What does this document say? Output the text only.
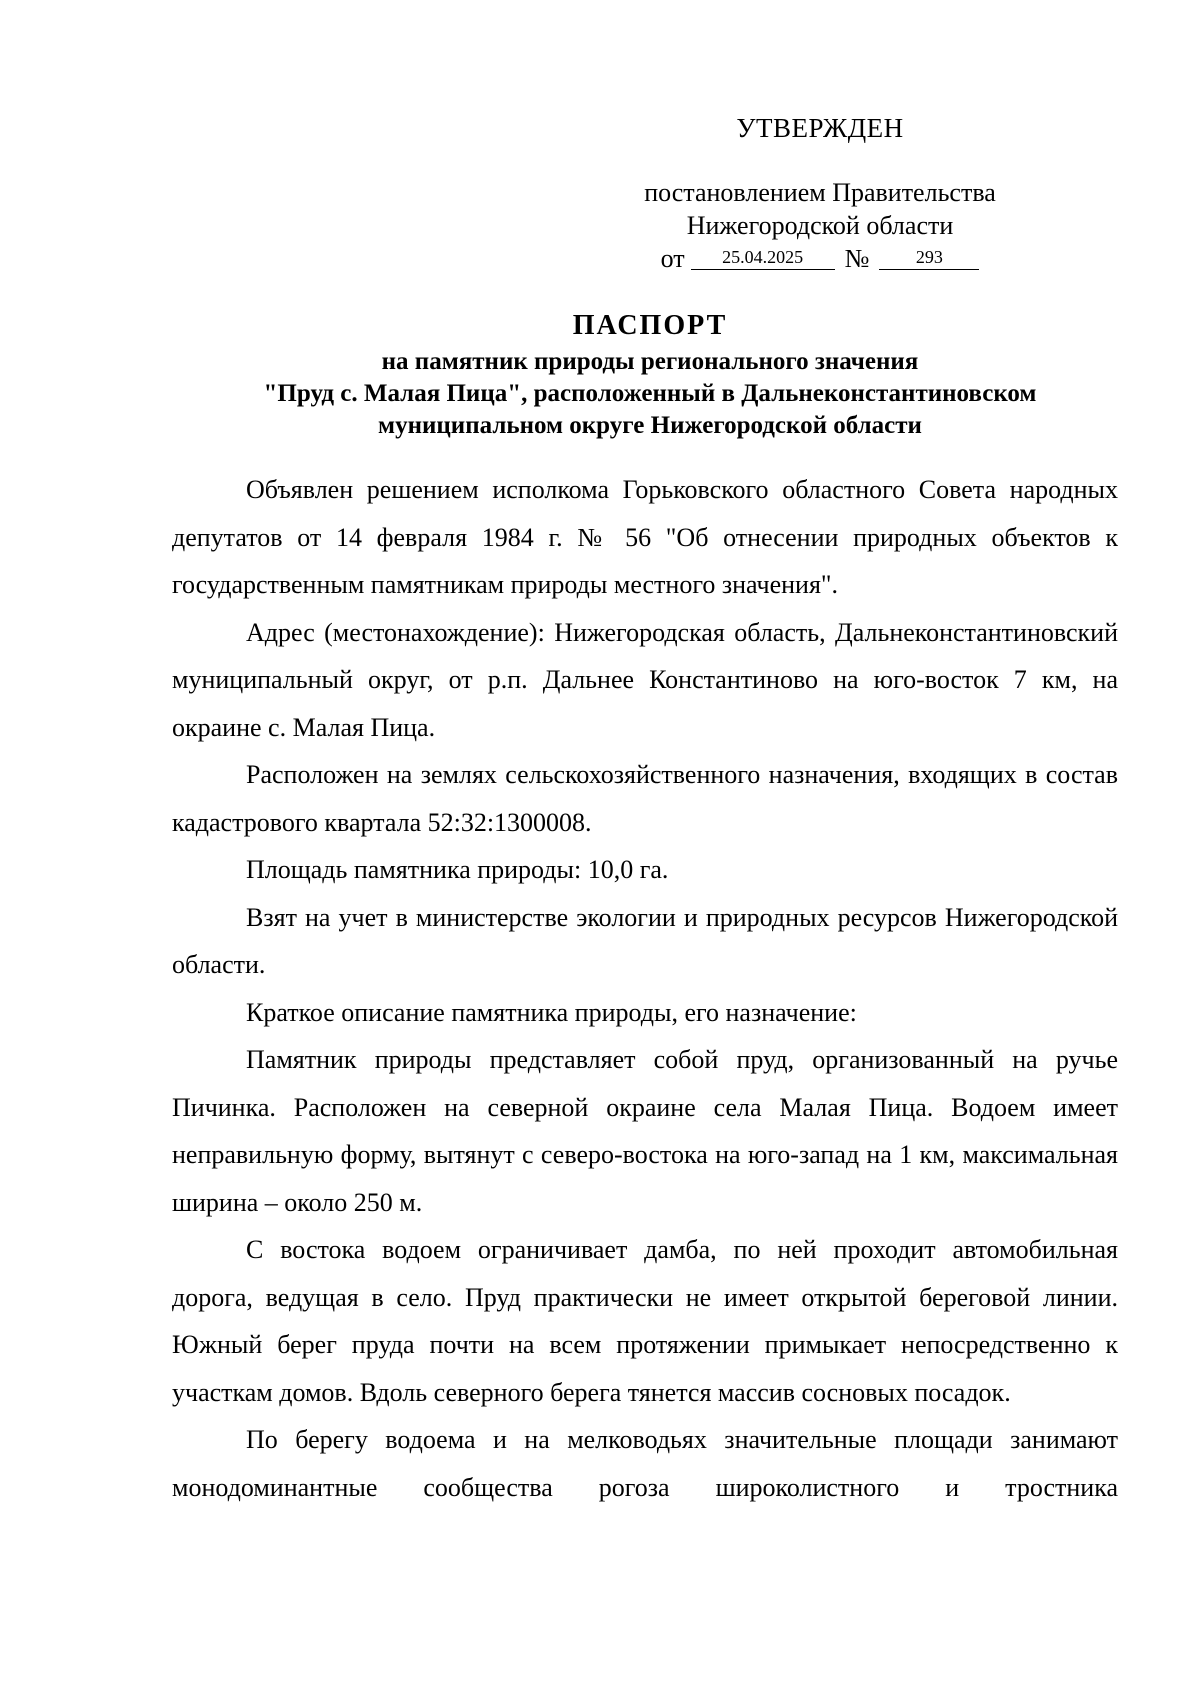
УТВЕРЖДЕН
постановлением Правительства
Нижегородской области
от	25.04.2025	№	293
ПАСПОРТ
на памятник природы регионального значения
"Пруд с. Малая Пица", расположенный в Дальнеконстантиновском
муниципальном округе Нижегородской области

Объявлен решением исполкома Горьковского областного Совета народных депутатов от 14 февраля 1984 г. № 56 "Об отнесении природных объектов к государственным памятникам природы местного значения".

Адрес (местонахождение): Нижегородская область, Дальнеконстантиновский муниципальный округ, от р.п. Дальнее Константиново на юго-восток 7 км, на окраине с. Малая Пица.

Расположен на землях сельскохозяйственного назначения, входящих в состав кадастрового квартала 52:32:1300008.

Площадь памятника природы: 10,0 га.

Взят на учет в министерстве экологии и природных ресурсов Нижегородской области.

Краткое описание памятника природы, его назначение:

Памятник природы представляет собой пруд, организованный на ручье Пичинка. Расположен на северной окраине села Малая Пица. Водоем имеет неправильную форму, вытянут с северо-востока на юго-запад на 1 км, максимальная ширина – около 250 м.

С востока водоем ограничивает дамба, по ней проходит автомобильная дорога, ведущая в село. Пруд практически не имеет открытой береговой линии. Южный берег пруда почти на всем протяжении примыкает непосредственно к участкам домов. Вдоль северного берега тянется массив сосновых посадок.

По берегу водоема и на мелководьях значительные площади занимают монодоминантные сообщества рогоза широколистного и тростника
